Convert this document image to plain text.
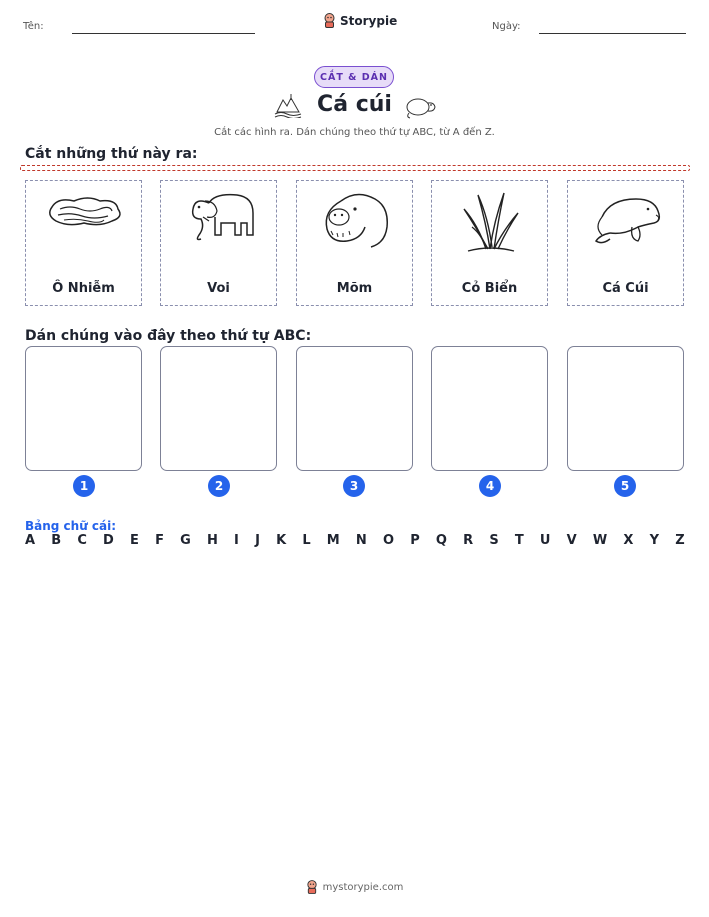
Tên:	Storypie	Ngày:
CẮT & DÁN
Cá cúi
Cắt các hình ra. Dán chúng theo thứ tự ABC, từ A đến Z.
Cắt những thứ này ra:
Ô Nhiễm	Voi	Mõm	Cỏ Biển	Cá Cúi
Dán chúng vào đây theo thứ tự ABC:
1	2	3	4	5
Bảng chữ cái:
A B C D E F G H I J K L M N O P Q R S T U V W X Y Z
mystorypie.com
